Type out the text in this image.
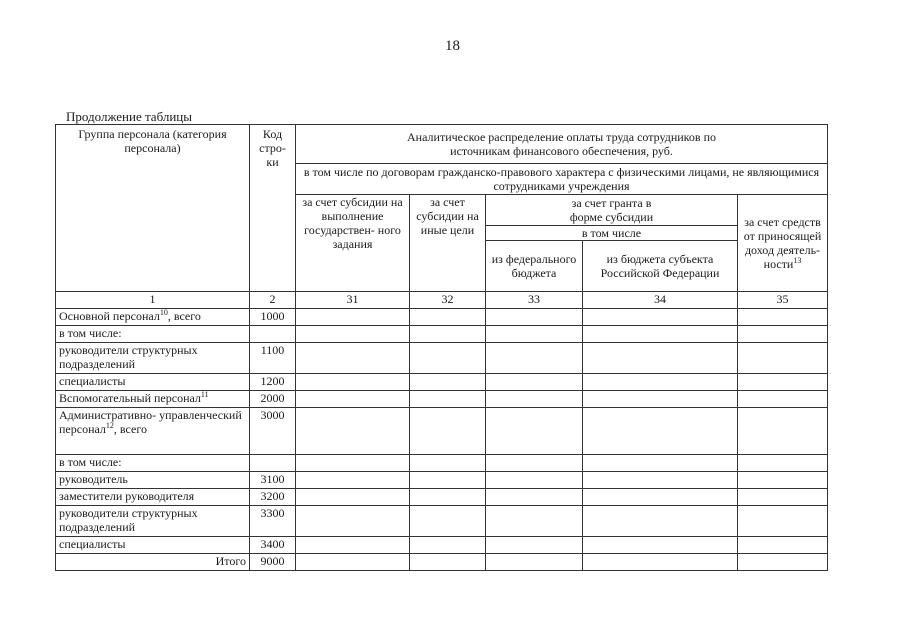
18
Продолжение таблицы
Группа персонала (категория персонала)	Код стро- ки	Аналитическое распределение оплаты труда сотрудников по источникам финансового обеспечения, руб.				
		в том числе по договорам гражданско-правового характера с физическими лицами, не являющимися сотрудниками учреждения				
		за счет субсидии на выполнение государствен- ного задания	за счет субсидии на иные цели	за счет гранта в форме субсидии		за счет средств от приносящей доход деятель- ности$^{13}$
				в том числе		
				из федерального бюджета	из бюджета субъекта Российской Федерации	
1	2	31	32	33	34	35
Основной персонал$^{10}$, всего	1000					
в том числе:						
руководители структурных подразделений	1100					
специалисты	1200					
Вспомогательный персонал$^{11}$	2000					
Административно- управленческий персонал$^{12}$, всего	3000					
в том числе:						
руководитель	3100					
заместители руководителя	3200					
руководители структурных подразделений	3300					
специалисты	3400					
Итого	9000					
